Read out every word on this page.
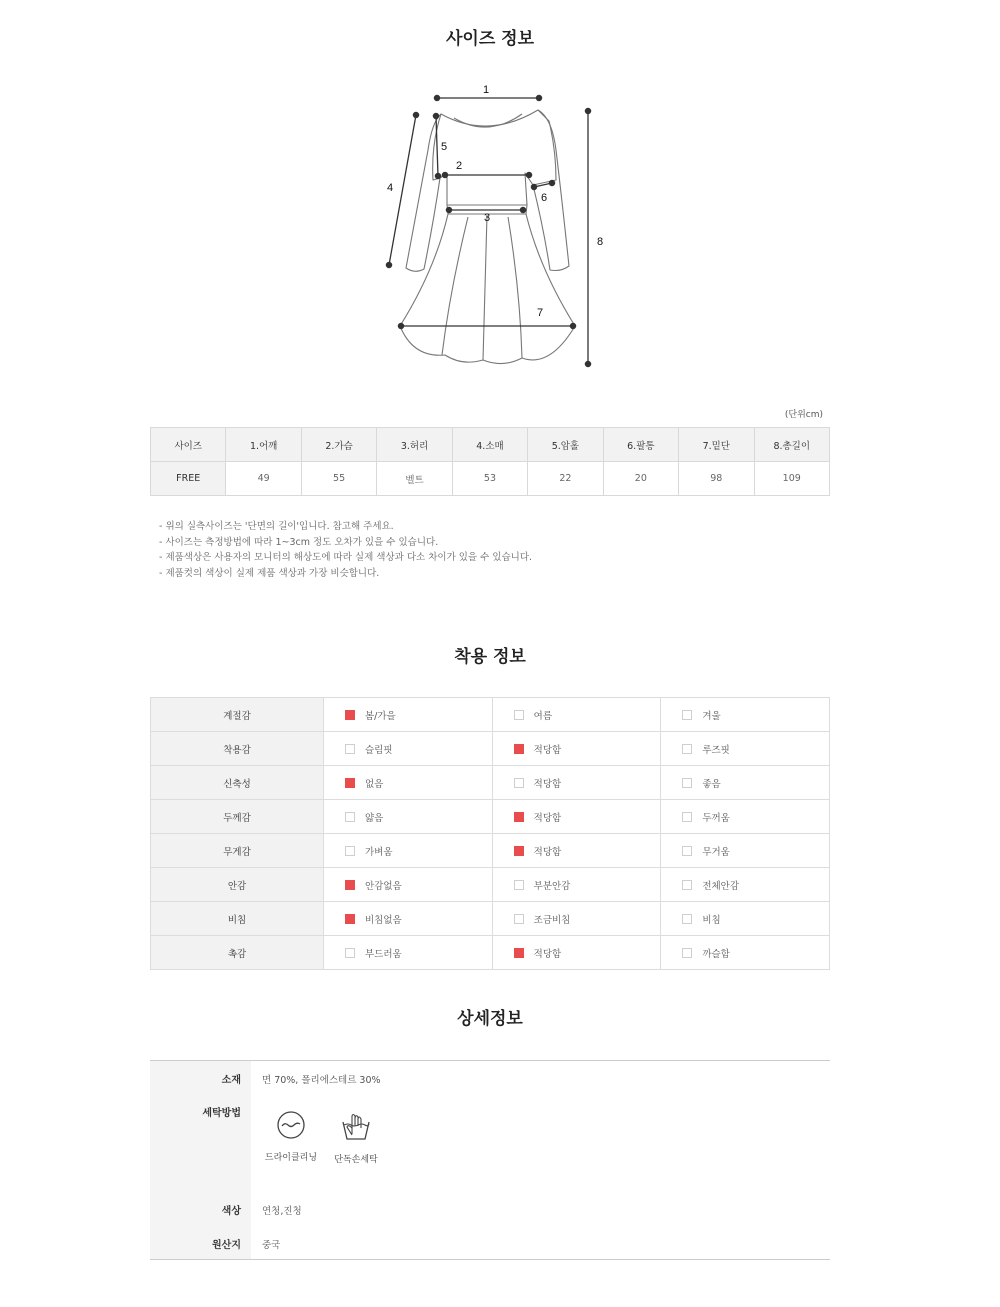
사이즈 정보
1
5
2
3
4
6
7
8
(단위cm)
사이즈	1.어깨	2.가슴	3.허리	4.소매	5.암홀	6.팔통	7.밑단	8.총길이
FREE	49	55	벨트	53	22	20	98	109
- 위의 실측사이즈는 '단면의 길이'입니다. 참고해 주세요.
- 사이즈는 측정방법에 따라 1~3cm 정도 오차가 있을 수 있습니다.
- 제품색상은 사용자의 모니터의 해상도에 따라 실제 색상과 다소 차이가 있을 수 있습니다.
- 제품컷의 색상이 실제 제품 색상과 가장 비슷합니다.
착용 정보
계절감	봄/가을	여름	겨울
착용감	슬림핏	적당함	루즈핏
신축성	없음	적당함	좋음
두께감	얇음	적당함	두꺼움
무게감	가벼움	적당함	무거움
안감	안감없음	부분안감	전체안감
비침	비침없음	조금비침	비침
촉감	부드러움	적당함	까슬함
상세정보
소재 면 70%, 폴리에스테르 30%
세탁방법
드라이클리닝	단독손세탁
색상 연청,진청
원산지 중국
